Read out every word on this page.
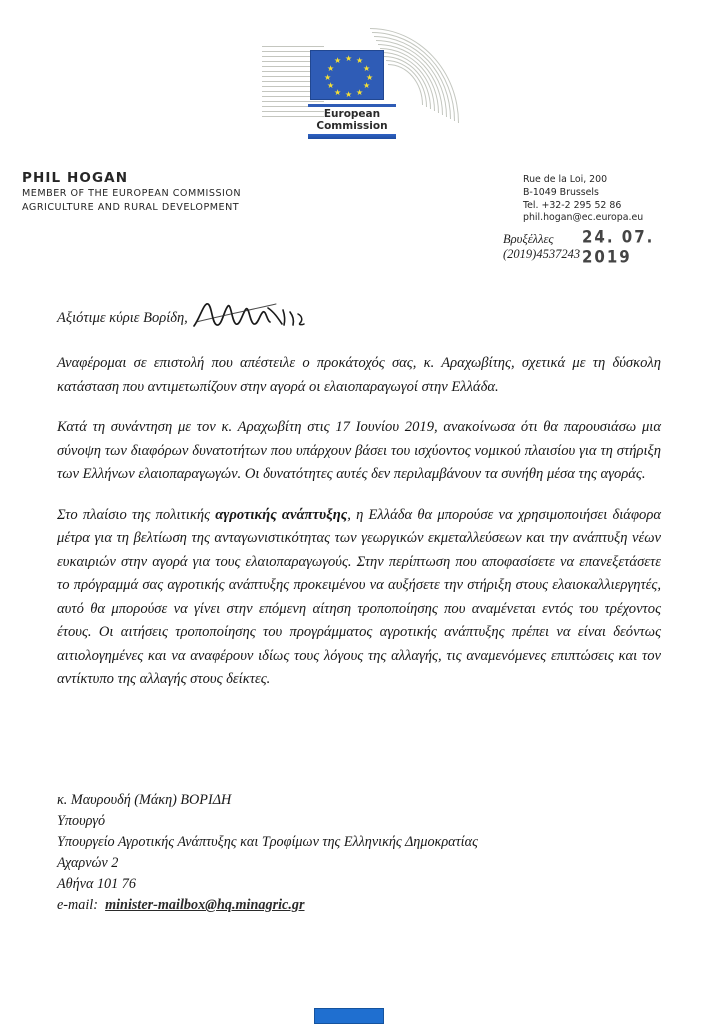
★ ★
★
★
★
★
★
★
★
★
★
★
European
Commission
PHIL HOGAN
MEMBER OF THE EUROPEAN COMMISSION
AGRICULTURE AND RURAL DEVELOPMENT
Rue de la Loi, 200
B-1049 Brussels
Tel. +32-2 295 52 86
phil.hogan@ec.europa.eu
Βρυξέλλες
(2019)4537243
24. 07. 2019
Αξιότιμε κύριε Βορίδη,

Αναφέρομαι σε επιστολή που απέστειλε ο προκάτοχός σας, κ. Αραχωβίτης, σχετικά με τη δύσκολη κατάσταση που αντιμετωπίζουν στην αγορά οι ελαιοπαραγωγοί στην Ελλάδα.

Κατά τη συνάντηση με τον κ. Αραχωβίτη στις 17 Ιουνίου 2019, ανακοίνωσα ότι θα παρουσιάσω μια σύνοψη των διαφόρων δυνατοτήτων που υπάρχουν βάσει του ισχύοντος νομικού πλαισίου για τη στήριξη των Ελλήνων ελαιοπαραγωγών. Οι δυνατότητες αυτές δεν περιλαμβάνουν τα συνήθη μέσα της αγοράς.

Στο πλαίσιο της πολιτικής αγροτικής ανάπτυξης, η Ελλάδα θα μπορούσε να χρησιμοποιήσει διάφορα μέτρα για τη βελτίωση της ανταγωνιστικότητας των γεωργικών εκμεταλλεύσεων και την ανάπτυξη νέων ευκαιριών στην αγορά για τους ελαιοπαραγωγούς. Στην περίπτωση που αποφασίσετε να επανεξετάσετε το πρόγραμμά σας αγροτικής ανάπτυξης προκειμένου να αυξήσετε την στήριξη στους ελαιοκαλλιεργητές, αυτό θα μπορούσε να γίνει στην επόμενη αίτηση τροποποίησης που αναμένεται εντός του τρέχοντος έτους. Οι αιτήσεις τροποποίησης του προγράμματος αγροτικής ανάπτυξης πρέπει να είναι δεόντως αιτιολογημένες και να αναφέρουν ιδίως τους λόγους της αλλαγής, τις αναμενόμενες επιπτώσεις και τον αντίκτυπο της αλλαγής στους δείκτες.

κ. Μαυρουδή (Μάκη) ΒΟΡΙΔΗ
Υπουργό
Υπουργείο Αγροτικής Ανάπτυξης και Τροφίμων της Ελληνικής Δημοκρατίας
Αχαρνών 2
Αθήνα 101 76
e-mail: minister-mailbox@hq.minagric.gr
